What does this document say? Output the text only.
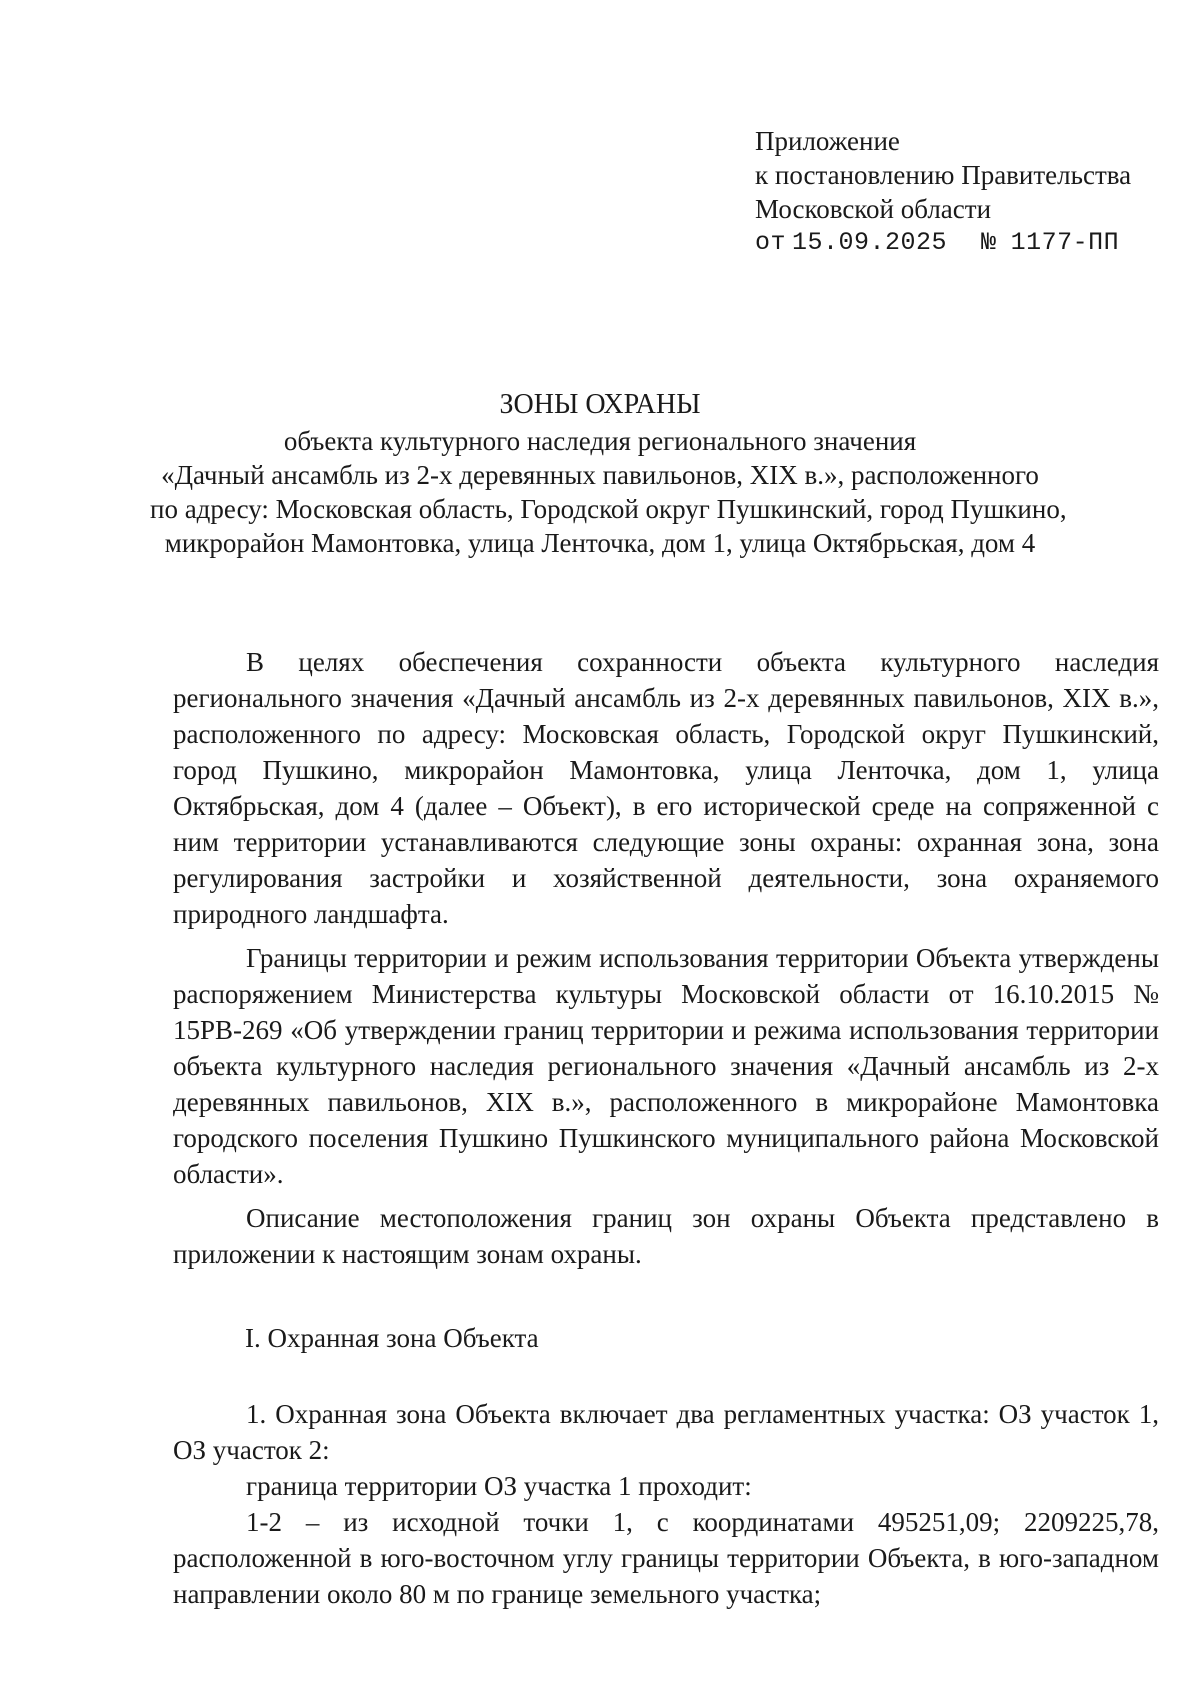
Приложение
к постановлению Правительства
Московской области
от 15.09.2025 № 1177-ПП
ЗОНЫ ОХРАНЫ
объекта культурного наследия регионального значения
«Дачный ансамбль из 2-х деревянных павильонов, XIX в.», расположенного
по адресу: Московская область, Городской округ Пушкинский, город Пушкино,
микрорайон Мамонтовка, улица Ленточка, дом 1, улица Октябрьская, дом 4

В целях обеспечения сохранности объекта культурного наследия регионального значения «Дачный ансамбль из 2-х деревянных павильонов, XIX в.», расположенного по адресу: Московская область, Городской округ Пушкинский, город Пушкино, микрорайон Мамонтовка, улица Ленточка, дом 1, улица Октябрьская, дом 4 (далее – Объект), в его исторической среде на сопряженной с ним территории устанавливаются следующие зоны охраны: охранная зона, зона регулирования застройки и хозяйственной деятельности, зона охраняемого природного ландшафта.

Границы территории и режим использования территории Объекта утверждены распоряжением Министерства культуры Московской области от 16.10.2015 № 15РВ-269 «Об утверждении границ территории и режима использования территории объекта культурного наследия регионального значения «Дачный ансамбль из 2-х деревянных павильонов, XIX в.», расположенного в микрорайоне Мамонтовка городского поселения Пушкино Пушкинского муниципального района Московской области».

Описание местоположения границ зон охраны Объекта представлено в приложении к настоящим зонам охраны.

I. Охранная зона Объекта

1. Охранная зона Объекта включает два регламентных участка: ОЗ участок 1, ОЗ участок 2:

граница территории ОЗ участка 1 проходит:

1-2 – из исходной точки 1, с координатами 495251,09; 2209225,78, расположенной в юго-восточном углу границы территории Объекта, в юго-западном направлении около 80 м по границе земельного участка;
